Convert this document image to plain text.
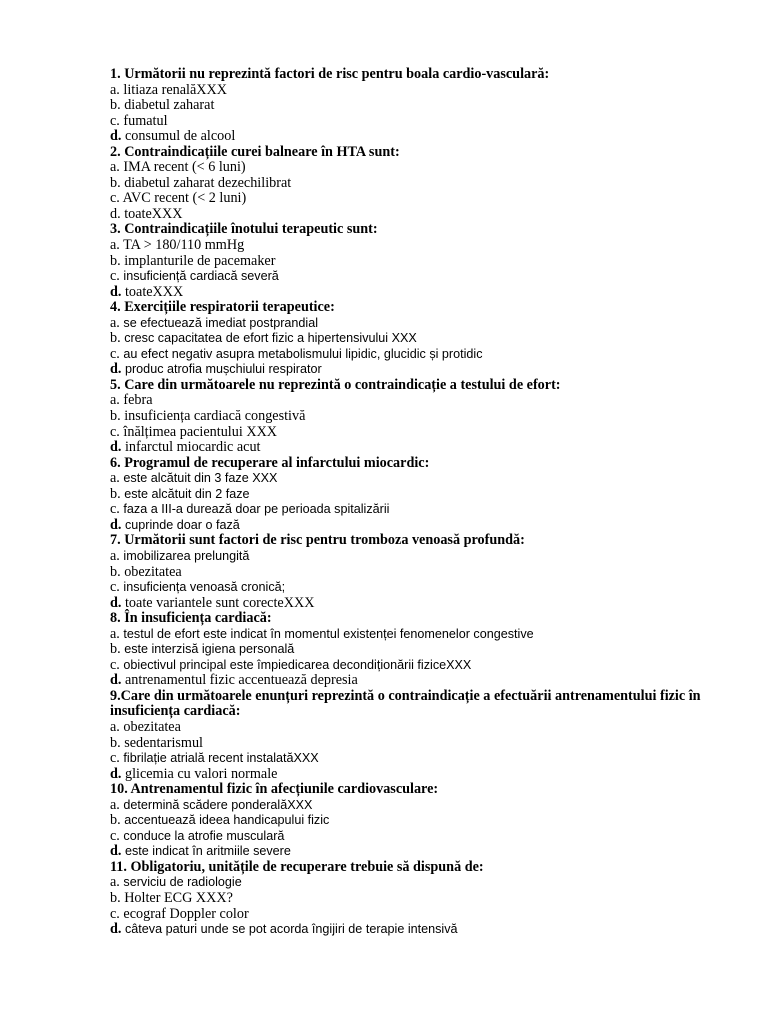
1. Următorii nu reprezintă factori de risc pentru boala cardio-vasculară:

a. litiaza renalăXXX

b. diabetul zaharat

c. fumatul

d. consumul de alcool

2. Contraindicațiile curei balneare în HTA sunt:

a. IMA recent (< 6 luni)

b. diabetul zaharat dezechilibrat

c. AVC recent (< 2 luni)

d. toateXXX

3. Contraindicațiile înotului terapeutic sunt:

a. TA > 180/110 mmHg

b. implanturile de pacemaker

c. insuficiență cardiacă severă

d. toateXXX

4. Exercițiile respiratorii terapeutice:

a. se efectuează imediat postprandial

b. cresc capacitatea de efort fizic a hipertensivului XXX

c. au efect negativ asupra metabolismului lipidic, glucidic și protidic

d. produc atrofia mușchiului respirator

5. Care din următoarele nu reprezintă o contraindicație a testului de efort:

a. febra

b. insuficiența cardiacă congestivă

c. înălțimea pacientului XXX

d. infarctul miocardic acut

6. Programul de recuperare al infarctului miocardic:

a. este alcătuit din 3 faze XXX

b. este alcătuit din 2 faze

c. faza a III-a durează doar pe perioada spitalizării

d. cuprinde doar o fază

7. Următorii sunt factori de risc pentru tromboza venoasă profundă:

a. imobilizarea prelungită

b. obezitatea

c. insuficiența venoasă cronică;

d. toate variantele sunt corecteXXX

8. În insuficiența cardiacă:

a. testul de efort este indicat în momentul existenței fenomenelor congestive

b. este interzisă igiena personală

c. obiectivul principal este împiedicarea decondiționării fiziceXXX

d. antrenamentul fizic accentuează depresia

9.Care din următoarele enunțuri reprezintă o contraindicație a efectuării antrenamentului fizic în insuficiența cardiacă:

a. obezitatea

b. sedentarismul

c. fibrilație atrială recent instalatăXXX

d. glicemia cu valori normale

10. Antrenamentul fizic în afecțiunile cardiovasculare:

a. determină scădere ponderalăXXX

b. accentuează ideea handicapului fizic

c. conduce la atrofie musculară

d. este indicat în aritmiile severe

11. Obligatoriu, unitățile de recuperare trebuie să dispună de:

a. serviciu de radiologie

b. Holter ECG XXX?

c. ecograf Doppler color

d. câteva paturi unde se pot acorda îngijiri de terapie intensivă
